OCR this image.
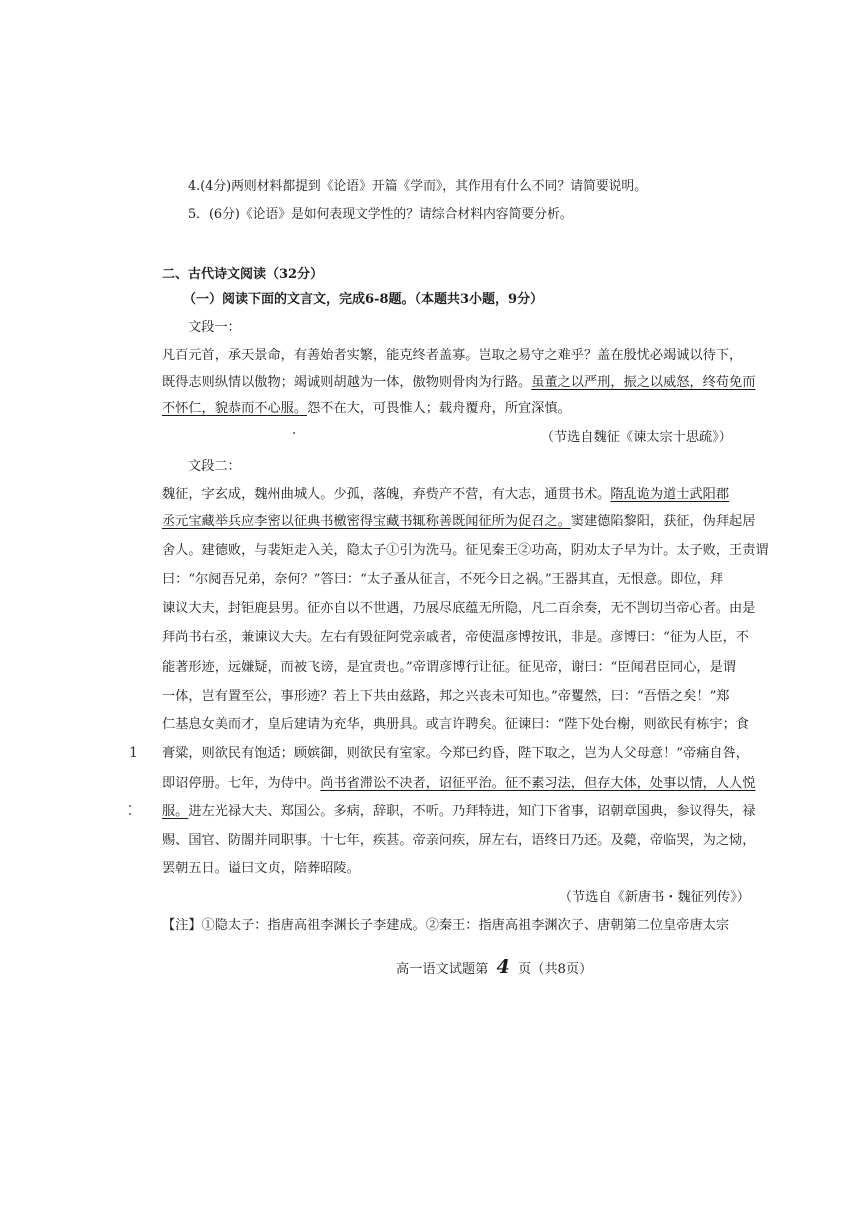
4.(4分)两则材料都提到《论语》开篇《学而》，其作用有什么不同？请简要说明。
5．(6分)《论语》是如何表现文学性的？请综合材料内容简要分析。
二、古代诗文阅读（32分）
（一）阅读下面的文言文，完成6-8题。（本题共3小题，9分）
文段一：
凡百元首，承天景命，有善始者实繁，能克终者盖寡。岂取之易守之难乎？盖在殷忧必竭诚以待下，
既得志则纵情以傲物；竭诚则胡越为一体，傲物则骨肉为行路。虽董之以严刑，振之以威怒，终苟免而
不怀仁，貌恭而不心服。怨不在大，可畏惟人；载舟覆舟，所宜深慎。
（节选自魏征《谏太宗十思疏》）
文段二：
魏征，字玄成，魏州曲城人。少孤，落魄，弃赀产不营，有大志，通贯书术。隋乱诡为道士武阳郡
丞元宝藏举兵应李密以征典书檄密得宝藏书辄称善既闻征所为促召之。窦建德陷黎阳，获征，伪拜起居
舍人。建德败，与裴矩走入关，隐太子①引为洗马。征见秦王②功高，阴劝太子早为计。太子败，王责谓
曰：“尔阋吾兄弟，奈何？”答曰：“太子蚤从征言，不死今日之祸。”王器其直，无恨意。即位，拜
谏议大夫，封钜鹿县男。征亦自以不世遇，乃展尽底蕴无所隐，凡二百余奏，无不剀切当帝心者。由是
拜尚书右丞，兼谏议大夫。左右有毁征阿党亲戚者，帝使温彦博按讯，非是。彦博曰：“征为人臣，不
能著形迹，远嫌疑，而被飞谤，是宜责也。”帝谓彦博行让征。征见帝，谢曰：“臣闻君臣同心，是谓
一体，岂有置至公，事形迹？若上下共由兹路，邦之兴丧未可知也。”帝矍然，曰：“吾悟之矣！”郑
仁基息女美而才，皇后建请为充华，典册具。或言许聘矣。征谏曰：“陛下处台榭，则欲民有栋宇；食
膏粱，则欲民有饱适；顾嫔御，则欲民有室家。今郑已约昏，陛下取之，岂为人父母意！”帝痛自咎，
即诏停册。七年，为侍中。尚书省滞讼不决者，诏征平治。征不素习法，但存大体，处事以情，人人悦
服。进左光禄大夫、郑国公。多病，辞职，不听。乃拜特进，知门下省事，诏朝章国典，参议得失，禄
赐、国官、防閤并同职事。十七年，疾甚。帝亲问疾，屏左右，语终日乃还。及薨，帝临哭，为之恸，
罢朝五日。谥曰文贞，陪葬昭陵。
（节选自《新唐书・魏征列传》）
【注】①隐太子：指唐高祖李渊长子李建成。②秦王：指唐高祖李渊次子、唐朝第二位皇帝唐太宗
高一语文试题第 4 页（共8页）
1
